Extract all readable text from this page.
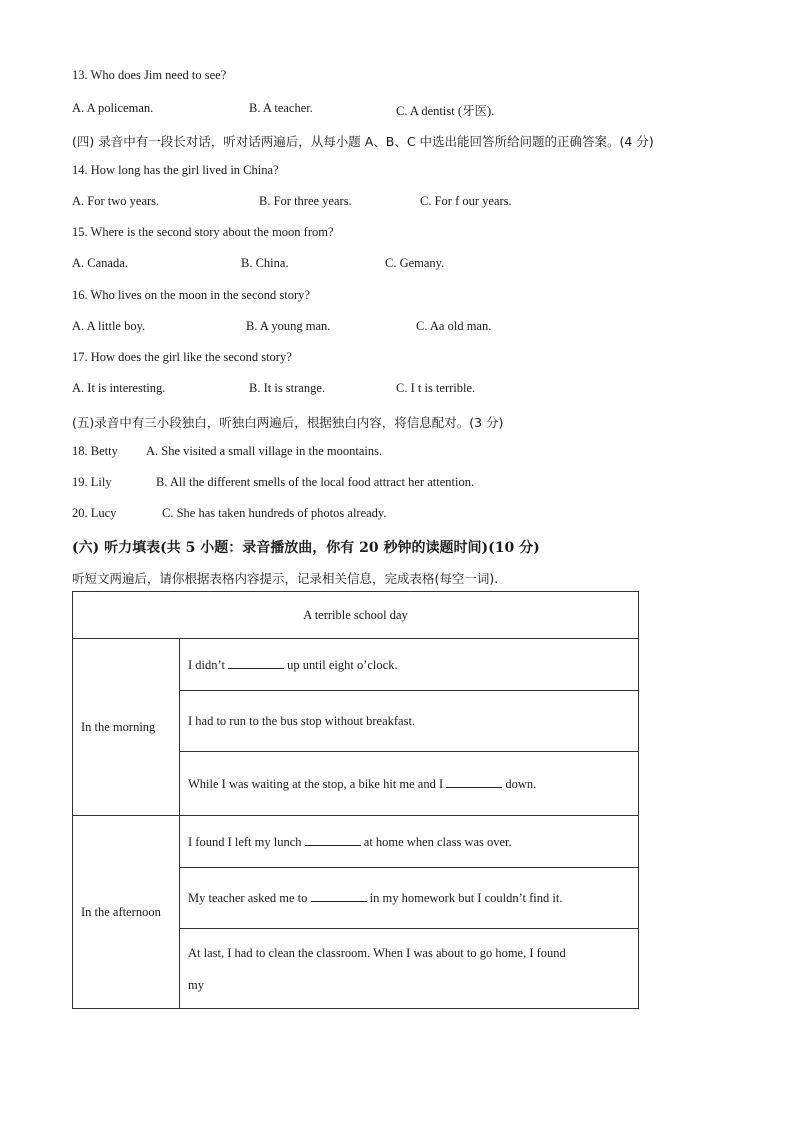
13. Who does Jim need to see?
A. A policeman.	B. A teacher.	C. A dentist (牙医).
(四) 录音中有一段长对话，听对话两遍后，从每小题 A、B、C 中选出能回答所给问题的正确答案。(4 分)
14. How long has the girl lived in China?
A. For two years.	B. For three years.	C. For f our years.
15. Where is the second story about the moon from?
A. Canada.	B. China.	C. Gemany.
16. Who lives on the moon in the second story?
A. A little boy.	B. A young man.	C. Aa old man.
17. How does the girl like the second story?
A. It is interesting.	B. It is strange.	C. I t is terrible.
(五)录音中有三小段独白，听独白两遍后，根据独白内容，将信息配对。(3 分)
18. Betty A. She visited a small village in the moontains.
19. Lily	B. All the different smells of the local food attract her attention.
20. Lucy	C. She has taken hundreds of photos already.
(六) 听力填表(共 5 小题：录音播放曲，你有 20 秒钟的读题时间)(10 分)
听短文两遍后，请你根据表格内容提示，记录相关信息，完成表格(每空一词).
A terrible school day	
In the morning	I didn’t up until eight o’clock.
	I had to run to the bus stop without breakfast.
	While I was waiting at the stop, a bike hit me and I down.
In the afternoon	I found I left my lunch at home when class was over.
	My teacher asked me to in my homework but I couldn’t find it.

	At last, I had to clean the classroom. When I was about to go home, I found
my
